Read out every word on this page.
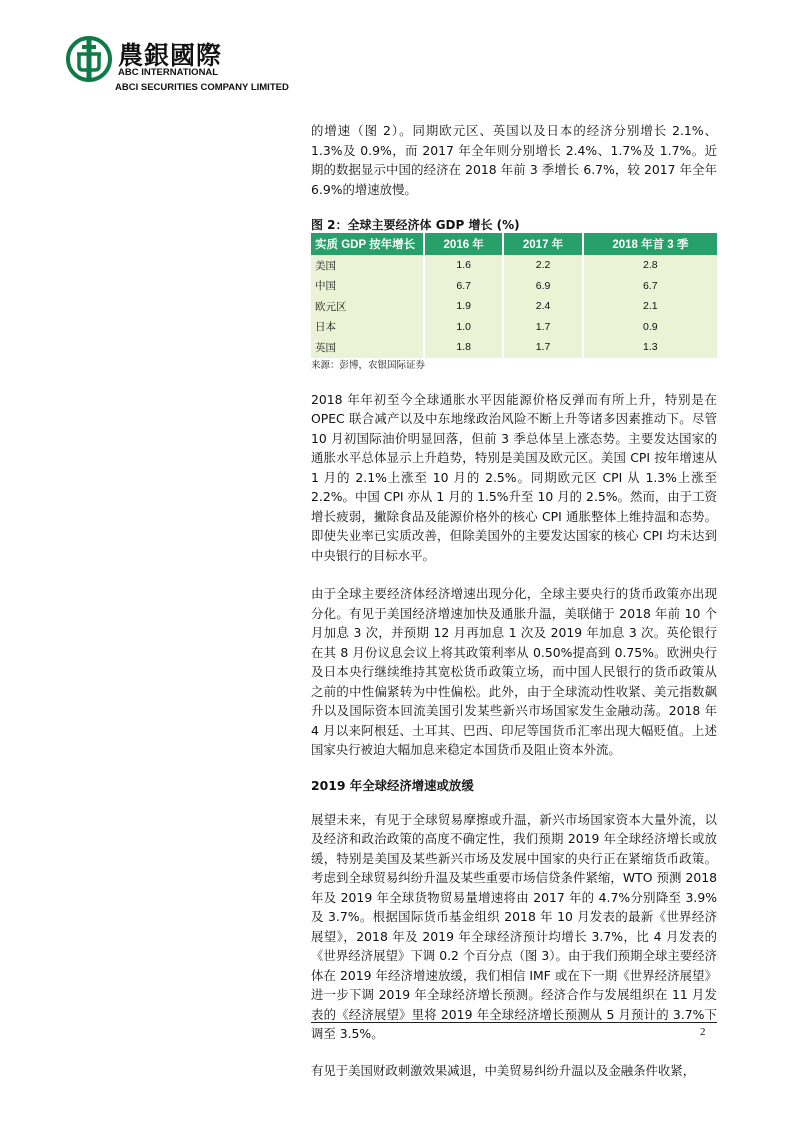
農銀國際
ABC INTERNATIONAL
ABCI SECURITIES COMPANY LIMITED

的增速（图 2）。同期欧元区、英国以及日本的经济分别增长 2.1%、1.3%及 0.9%，而 2017 年全年则分别增长 2.4%、1.7%及 1.7%。近期的数据显示中国的经济在 2018 年前 3 季增长 6.7%，较 2017 年全年 6.9%的增速放慢。

图 2：全球主要经济体 GDP 增长 (%)
实质 GDP 按年增长	2016 年	2017 年	2018 年首 3 季
美国	1.6	2.2	2.8
中国	6.7	6.9	6.7
欧元区	1.9	2.4	2.1
日本	1.0	1.7	0.9
英国	1.8	1.7	1.3
来源：彭博，农银国际证券

2018 年年初至今全球通胀水平因能源价格反弹而有所上升，特别是在 OPEC 联合减产以及中东地缘政治风险不断上升等诸多因素推动下。尽管 10 月初国际油价明显回落，但前 3 季总体呈上涨态势。主要发达国家的通胀水平总体显示上升趋势，特别是美国及欧元区。美国 CPI 按年增速从 1 月的 2.1%上涨至 10 月的 2.5%。同期欧元区 CPI 从 1.3%上涨至 2.2%。中国 CPI 亦从 1 月的 1.5%升至 10 月的 2.5%。然而，由于工资增长疲弱，撇除食品及能源价格外的核心 CPI 通胀整体上维持温和态势。即使失业率已实质改善，但除美国外的主要发达国家的核心 CPI 均未达到中央银行的目标水平。

由于全球主要经济体经济增速出现分化，全球主要央行的货币政策亦出现分化。有见于美国经济增速加快及通胀升温，美联储于 2018 年前 10 个月加息 3 次，并预期 12 月再加息 1 次及 2019 年加息 3 次。英伦银行在其 8 月份议息会议上将其政策利率从 0.50%提高到 0.75%。欧洲央行及日本央行继续维持其宽松货币政策立场，而中国人民银行的货币政策从之前的中性偏紧转为中性偏松。此外，由于全球流动性收紧、美元指数飙升以及国际资本回流美国引发某些新兴市场国家发生金融动荡。2018 年 4 月以来阿根廷、土耳其、巴西、印尼等国货币汇率出现大幅贬值。上述国家央行被迫大幅加息来稳定本国货币及阻止资本外流。

2019 年全球经济增速或放缓

展望未来，有见于全球贸易摩擦或升温，新兴市场国家资本大量外流，以及经济和政治政策的高度不确定性，我们预期 2019 年全球经济增长或放缓，特别是美国及某些新兴市场及发展中国家的央行正在紧缩货币政策。考虑到全球贸易纠纷升温及某些重要市场信贷条件紧缩，WTO 预测 2018 年及 2019 年全球货物贸易量增速将由 2017 年的 4.7%分别降至 3.9%及 3.7%。根据国际货币基金组织 2018 年 10 月发表的最新《世界经济展望》，2018 年及 2019 年全球经济预计均增长 3.7%，比 4 月发表的《世界经济展望》下调 0.2 个百分点（图 3）。由于我们预期全球主要经济体在 2019 年经济增速放缓，我们相信 IMF 或在下一期《世界经济展望》进一步下调 2019 年全球经济增长预测。经济合作与发展组织在 11 月发表的《经济展望》里将 2019 年全球经济增长预测从 5 月预计的 3.7%下调至 3.5%。

有见于美国财政刺激效果减退，中美贸易纠纷升温以及金融条件收紧，

2
